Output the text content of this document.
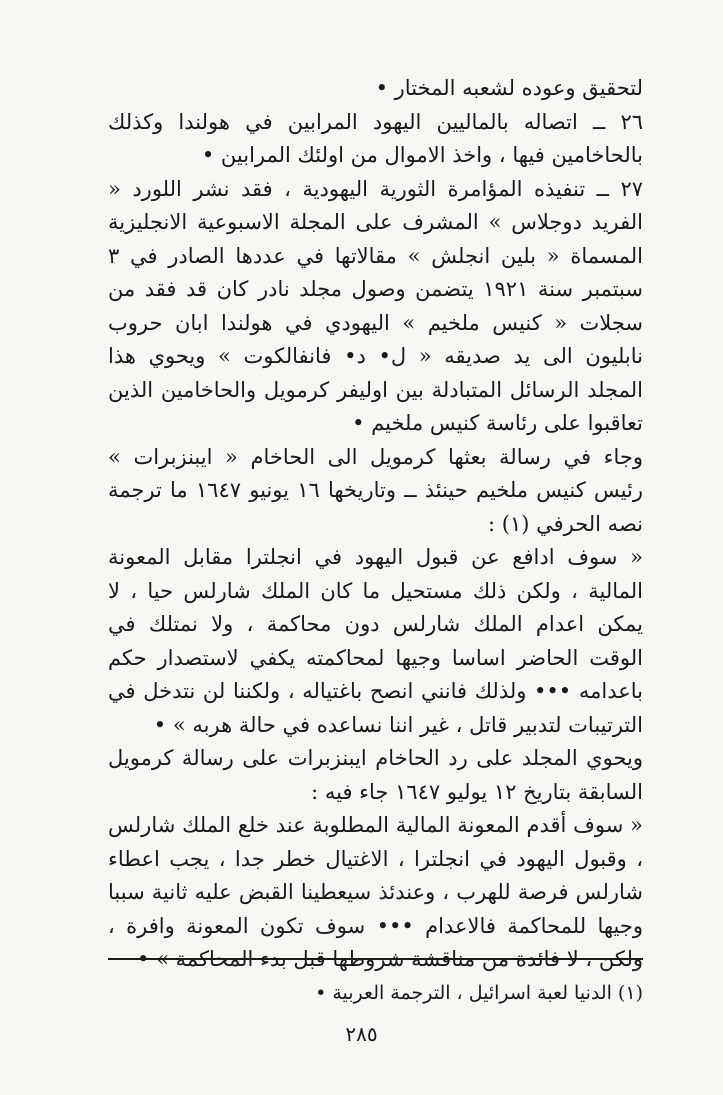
لتحقيق وعوده لشعبه المختار •

٢٦ ــ اتصاله بالماليين اليهود المرابين في هولندا وكذلك بالحاخامين فيها ، واخذ الاموال من اولئك المرابين •

٢٧ ــ تنفيذه المؤامرة الثورية اليهودية ، فقد نشر اللورد « الفريد دوجلاس » المشرف على المجلة الاسبوعية الانجليزية المسماة « بلين انجلش » مقالاتها في عددها الصادر في ٣ سبتمبر سنة ١٩٢١ يتضمن وصول مجلد نادر كان قد فقد من سجلات « كنيس ملخيم » اليهودي في هولندا ابان حروب نابليون الى يد صديقه « ل• د• فانفالكوت » ويحوي هذا المجلد الرسائل المتبادلة بين اوليفر كرمويل والحاخامين الذين تعاقبوا على رئاسة كنيس ملخيم •

وجاء في رسالة بعثها كرمويل الى الحاخام « ايبنزبرات » رئيس كنيس ملخيم حينئذ ــ وتاريخها ١٦ يونيو ١٦٤٧ ما ترجمة نصه الحرفي (١) :

« سوف ادافع عن قبول اليهود في انجلترا مقابل المعونة المالية ، ولكن ذلك مستحيل ما كان الملك شارلس حيا ، لا يمكن اعدام الملك شارلس دون محاكمة ، ولا نمتلك في الوقت الحاضر اساسا وجيها لمحاكمته يكفي لاستصدار حكم باعدامه ••• ولذلك فانني انصح باغتياله ، ولكننا لن نتدخل في الترتيبات لتدبير قاتل ، غير اننا نساعده في حالة هربه » •

ويحوي المجلد على رد الحاخام ايبنزبرات على رسالة كرمويل السابقة بتاريخ ١٢ يوليو ١٦٤٧ جاء فيه :

« سوف أقدم المعونة المالية المطلوبة عند خلع الملك شارلس ، وقبول اليهود في انجلترا ، الاغتيال خطر جدا ، يجب اعطاء شارلس فرصة للهرب ، وعندئذ سيعطينا القبض عليه ثانية سببا وجيها للمحاكمة فالاعدام ••• سوف تكون المعونة وافرة ، ولكن ، لا فائدة من مناقشة شروطها قبل بدء المحاكمة » •

(١) الدنيا لعبة اسرائيل ، الترجمة العربية •
٢٨٥
